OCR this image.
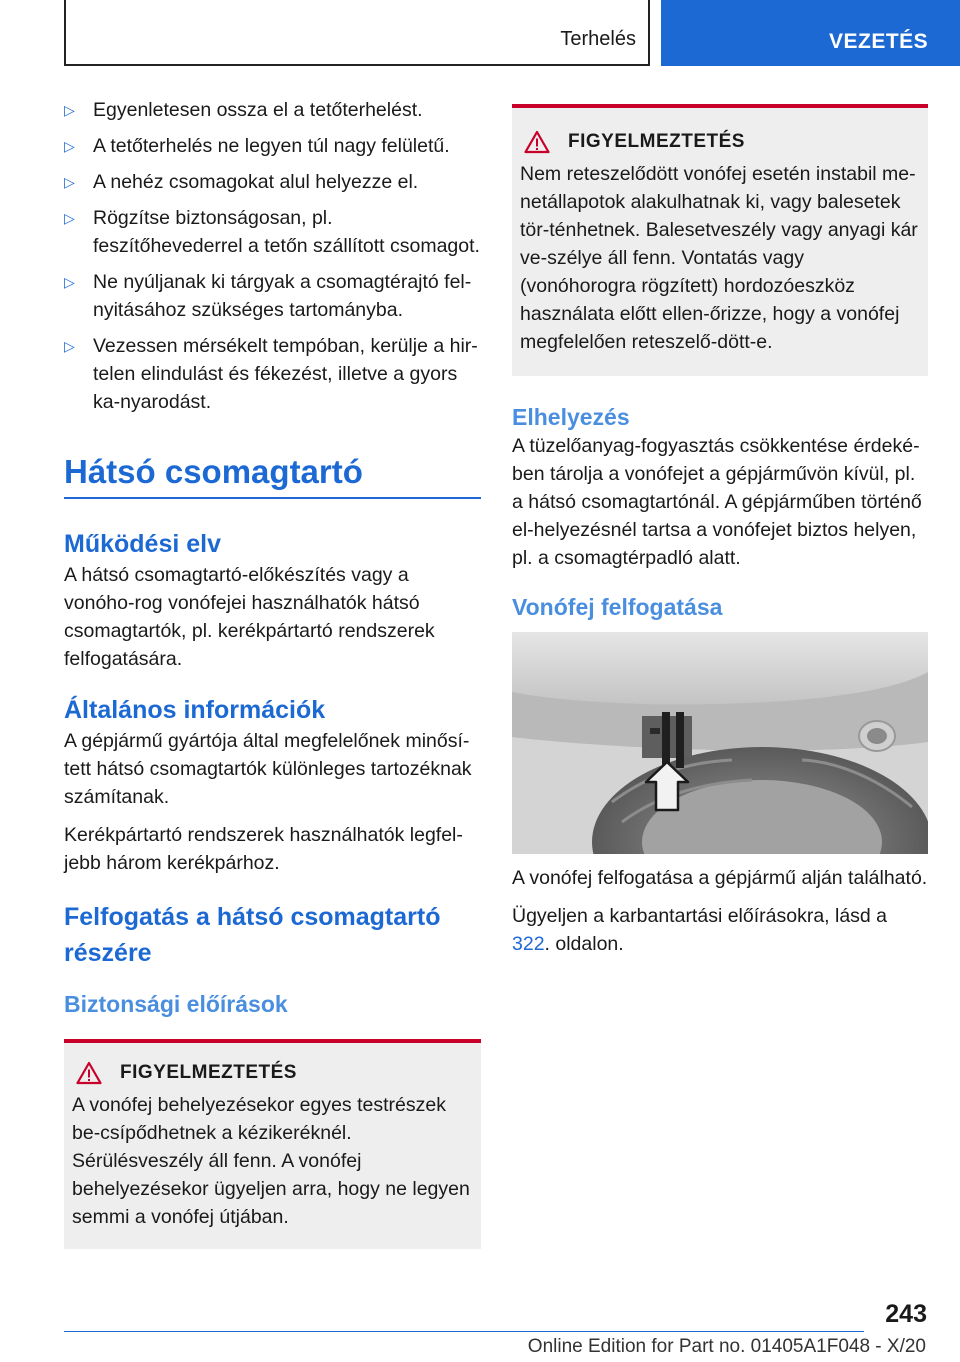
Terhelés	VEZETÉS
▷ Egyenletesen ossza el a tetőterhelést.
▷ A tetőterhelés ne legyen túl nagy felületű.
▷ A nehéz csomagokat alul helyezze el.
▷ Rögzítse biztonságosan, pl. feszítőhevederrel a tetőn szállított csomagot.
▷ Ne nyúljanak ki tárgyak a csomagtérajtó fel-nyitásához szükséges tartományba.
▷ Vezessen mérsékelt tempóban, kerülje a hir-telen elindulást és fékezést, illetve a gyors ka-nyarodást.
Hátsó csomagtartó
Működési elv

A hátsó csomagtartó-előkészítés vagy a vonóho-rog vonófejei használhatók hátsó csomagtartók, pl. kerékpártartó rendszerek felfogatására.

Általános információk

A gépjármű gyártója által megfelelőnek minősí-tett hátsó csomagtartók különleges tartozéknak számítanak.

Kerékpártartó rendszerek használhatók legfel-jebb három kerékpárhoz.

Felfogatás a hátsó csomagtartó részére
Biztonsági előírások
FIGYELMEZTETÉS
A vonófej behelyezésekor egyes testrészek be-csípődhetnek a kézikeréknél. Sérülésveszély áll fenn. A vonófej behelyezésekor ügyeljen arra, hogy ne legyen semmi a vonófej útjában.
FIGYELMEZTETÉS
Nem reteszelődött vonófej esetén instabil me-netállapotok alakulhatnak ki, vagy balesetek tör-ténhetnek. Balesetveszély vagy anyagi kár ve-szélye áll fenn. Vontatás vagy (vonóhorogra rögzített) hordozóeszköz használata előtt ellen-őrizze, hogy a vonófej megfelelően reteszelő-dött-e.
Elhelyezés

A tüzelőanyag-fogyasztás csökkentése érdeké-ben tárolja a vonófejet a gépjárművön kívül, pl. a hátsó csomagtartónál. A gépjárműben történő el-helyezésnél tartsa a vonófejet biztos helyen, pl. a csomagtérpadló alatt.

Vonófej felfogatása

A vonófej felfogatása a gépjármű alján található.

Ügyeljen a karbantartási előírásokra, lásd a 322. oldalon.

243
Online Edition for Part no. 01405A1F048 - X/20
